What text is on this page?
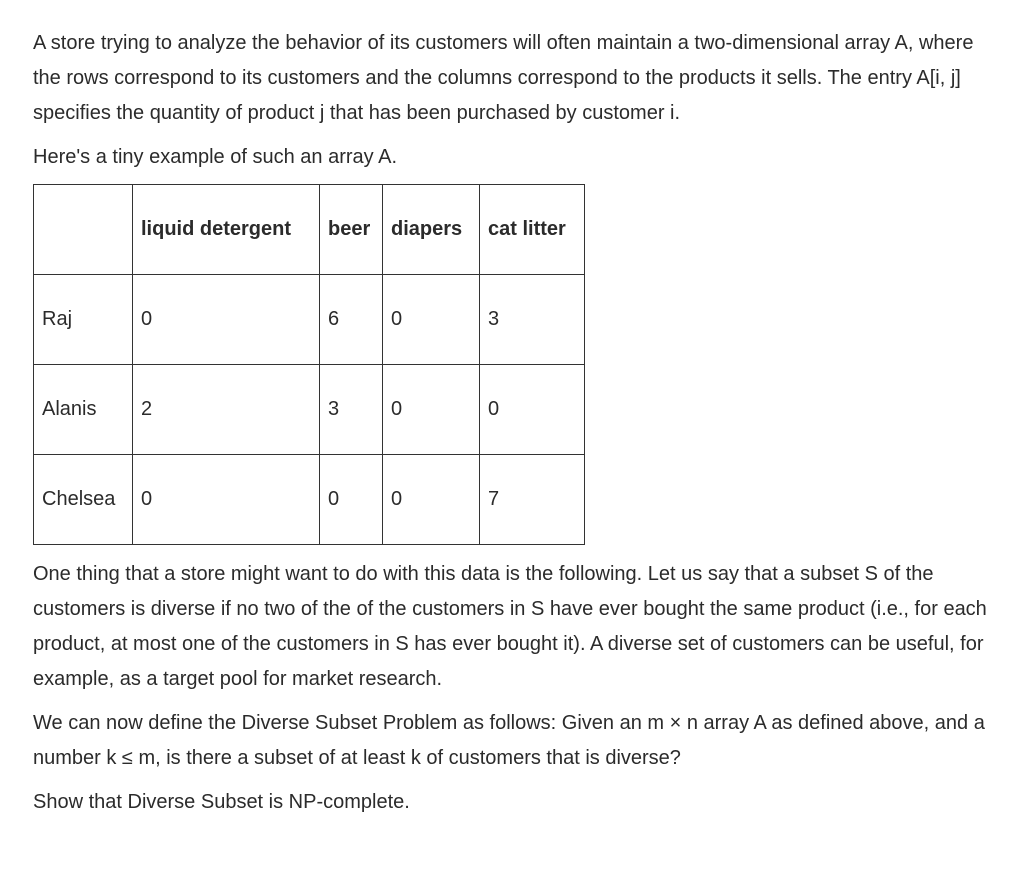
A store trying to analyze the behavior of its customers will often maintain a two-dimensional array A, where the rows correspond to its customers and the columns correspond to the products it sells. The entry A[i, j] specifies the quantity of product j that has been purchased by customer i.

Here's a tiny example of such an array A.

	liquid detergent	beer	diapers	cat litter
Raj	0	6	0	3
Alanis	2	3	0	0
Chelsea	0	0	0	7

One thing that a store might want to do with this data is the following. Let us say that a subset S of the customers is diverse if no two of the of the customers in S have ever bought the same product (i.e., for each product, at most one of the customers in S has ever bought it). A diverse set of customers can be useful, for example, as a target pool for market research.

We can now define the Diverse Subset Problem as follows: Given an m × n array A as defined above, and a number k ≤ m, is there a subset of at least k of customers that is diverse?

Show that Diverse Subset is NP-complete.
